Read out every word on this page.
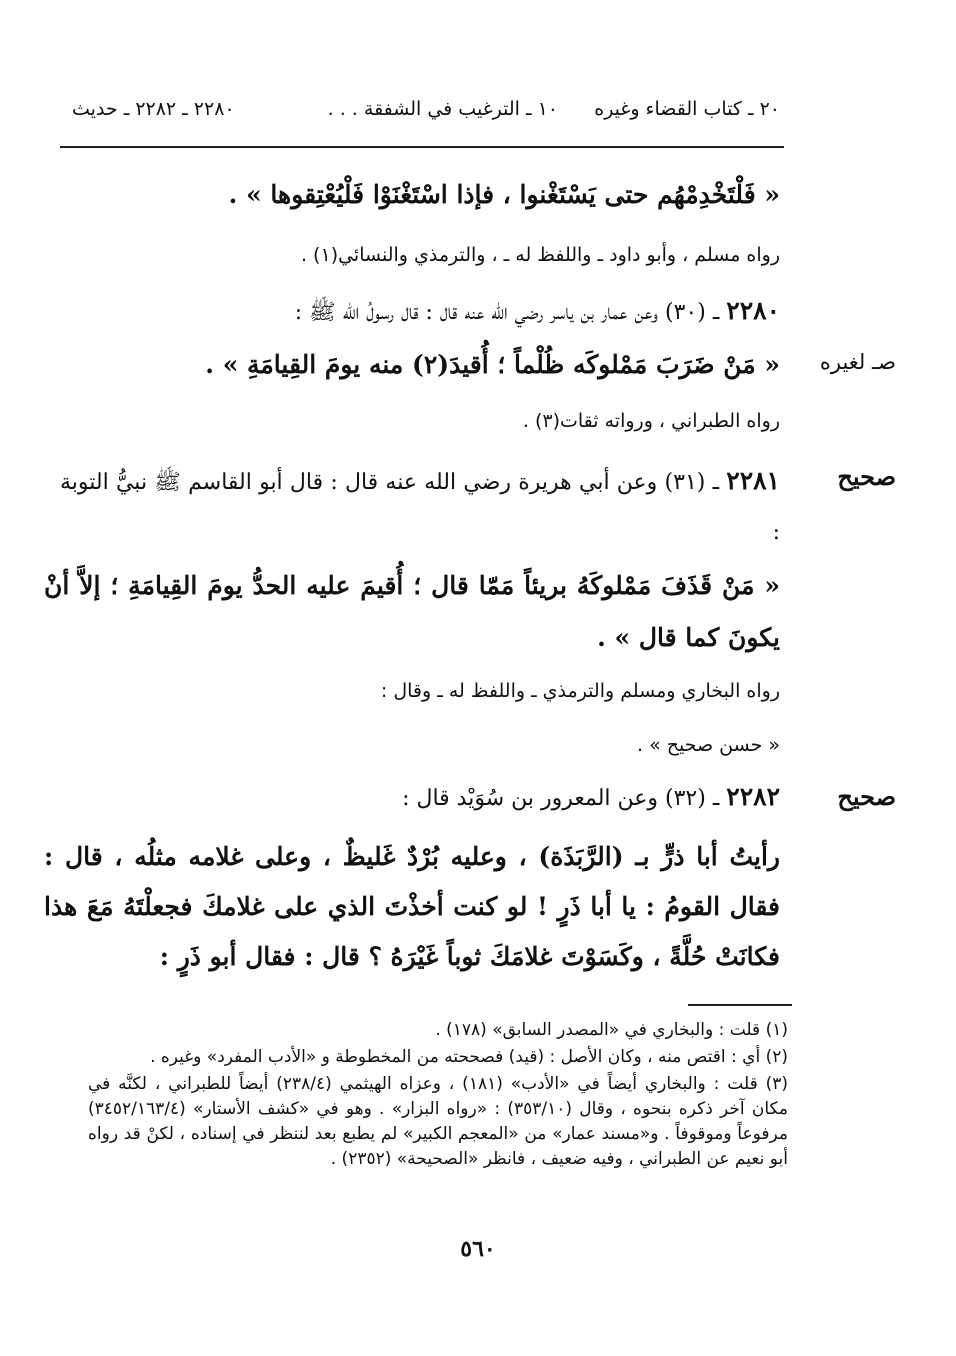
٢٠ ـ كتاب القضاء وغيره      ١٠ ـ الترغيب في الشفقة . . .
٢٢٨٠ ـ ٢٢٨٢ ـ حديث
« فَلْتَخْدِمْهُم حتى يَسْتَغْنوا ، فإذا اسْتَغْنَوْا فَلْيُعْتِقوها » .
رواه مسلم ، وأبو داود ـ واللفظ له ـ ، والترمذي والنسائي(١) .
٢٢٨٠ ـ (٣٠) وعن عمار بن ياسر رضي الله عنه قال : قال رسولُ الله ﷺ :
صـ لغيره
« مَنْ ضَرَبَ مَمْلوكَه ظُلْماً ؛ أُقيدَ(٢) منه يومَ القِيامَةِ » .
رواه الطبراني ، ورواته ثقات(٣) .
صحيح
٢٢٨١ ـ (٣١) وعن أبي هريرة رضي الله عنه قال : قال أبو القاسم ﷺ نبيُّ التوبة :
« مَنْ قَذَفَ مَمْلوكَهُ بريئاً مَمّا قال ؛ أُقيمَ عليه الحدُّ يومَ القِيامَةِ ؛ إلاَّ أنْ يكونَ كما قال » .
رواه البخاري ومسلم والترمذي ـ واللفظ له ـ وقال :
« حسن صحيح » .
صحيح
٢٢٨٢ ـ (٣٢) وعن المعرور بن سُوَيْد قال :
رأيتُ أبا ذرٍّ بـ (الرَّبَذَة) ، وعليه بُرْدٌ غَليظٌ ، وعلى غلامه مثلُه ، قال : فقال القومُ : يا أبا ذَرٍ ! لو كنت أخذْتَ الذي على غلامكَ فجعلْتَهُ مَعَ هذا فكانَتْ حُلَّةً ، وكَسَوْتَ غلامَكَ ثوباً غَيْرَهُ ؟ قال : فقال أبو ذَرٍ :
(١) قلت : والبخاري في «المصدر السابق» (١٧٨) .
(٢) أي : اقتص منه ، وكان الأصل : (قيد) فصححته من المخطوطة و «الأدب المفرد» وغيره .
(٣) قلت : والبخاري أيضاً في «الأدب» (١٨١) ، وعزاه الهيثمي (٢٣٨/٤) أيضاً للطبراني ، لكنَّه في مكان آخر ذكره بنحوه ، وقال (٣٥٣/١٠) : «رواه البزار» . وهو في «كشف الأستار» (٣٤٥٢/١٦٣/٤) مرفوعاً وموقوفاً . و«مسند عمار» من «المعجم الكبير» لم يطبع بعد لننظر في إسناده ، لكنْ قد رواه أبو نعيم عن الطبراني ، وفيه ضعيف ، فانظر «الصحيحة» (٢٣٥٢) .
٥٦٠
